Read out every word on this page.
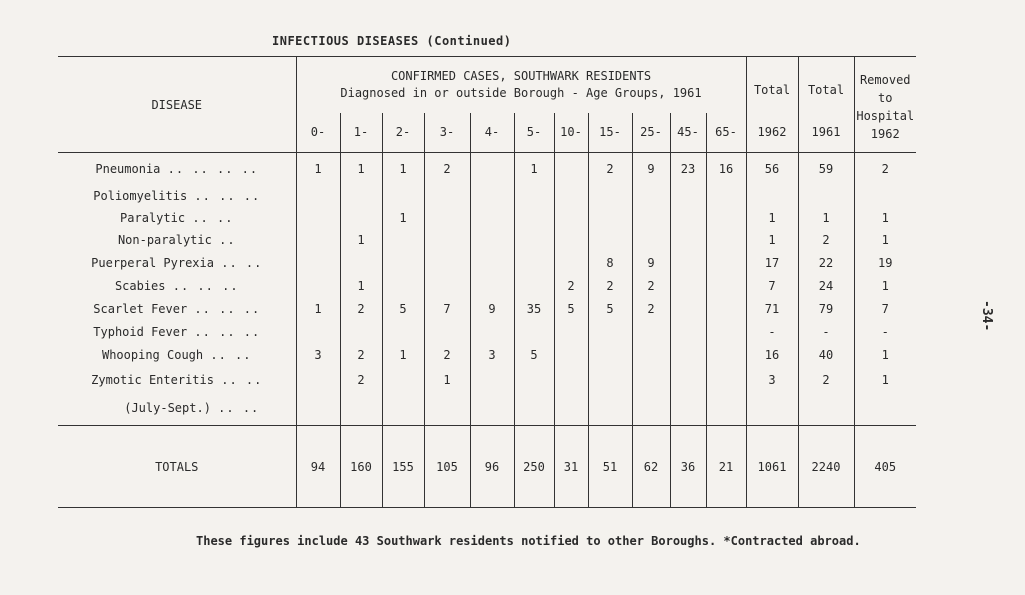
INFECTIOUS DISEASES (Continued)
-34-
DISEASE	CONFIRMED CASES, SOUTHWARK RESIDENTS
Diagnosed in or outside Borough - Age Groups, 1961											Total	Total	Removed to Hospital 1962
	0-	1-	2-	3-	4-	5-	10-	15-	25-	45-	65-	1962	1961	
Pneumonia .. .. .. ..	1	1	1	2		1		2	9	23	16	56	59	2
Poliomyelitis .. .. ..														
Paralytic .. ..			1									1	1	1
Non-paralytic ..		1										1	2	1
Puerperal Pyrexia .. ..								8	9			17	22	19
Scabies .. .. ..		1					2	2	2			7	24	1
Scarlet Fever .. .. ..	1	2	5	7	9	35	5	5	2			71	79	7
Typhoid Fever .. .. ..												-	-	-
Whooping Cough .. ..	3	2	1	2	3	5						16	40	1
Zymotic Enteritis .. ..		2		1								3	2	1
(July-Sept.) .. ..														
TOTALS	94	160	155	105	96	250	31	51	62	36	21	1061	2240	405
These figures include 43 Southwark residents notified to other Boroughs. *Contracted abroad.
